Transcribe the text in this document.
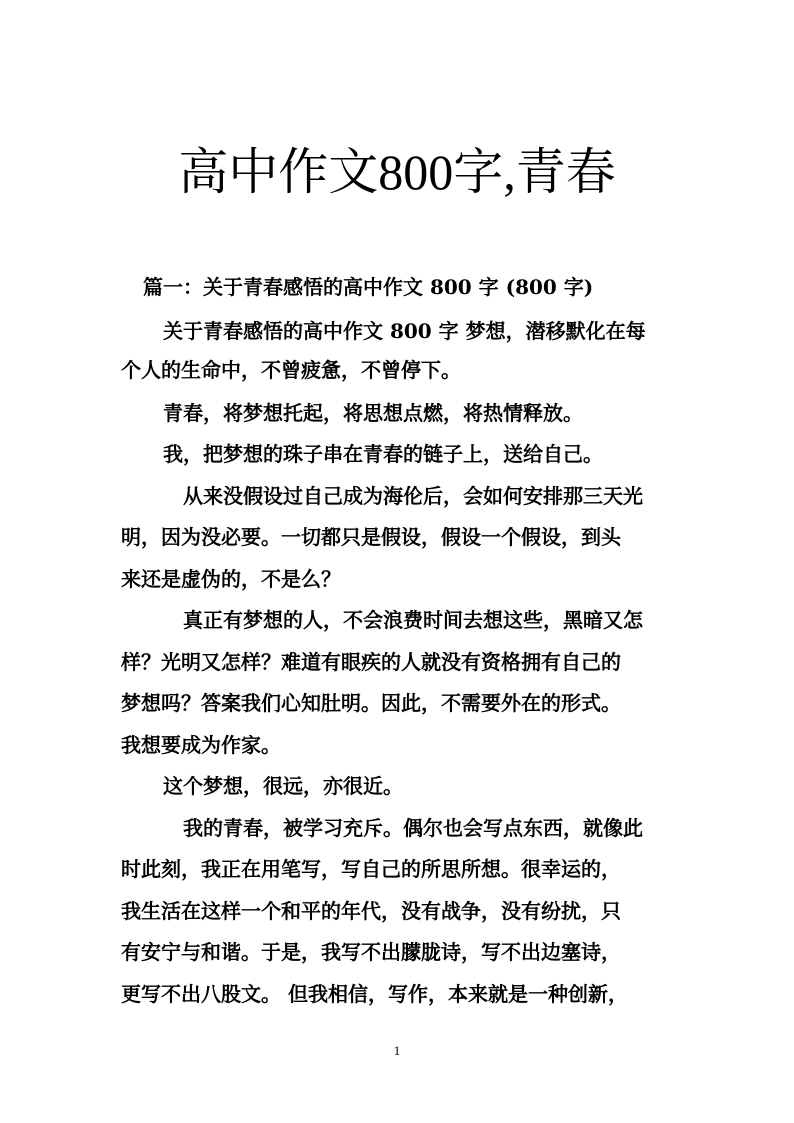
高中作文800字,青春

篇一：关于青春感悟的高中作文 800 字 (800 字)

关于青春感悟的高中作文 800 字 梦想，潜移默化在每

个人的生命中，不曾疲惫，不曾停下。

青春，将梦想托起，将思想点燃，将热情释放。

我，把梦想的珠子串在青春的链子上，送给自己。

从来没假设过自己成为海伦后，会如何安排那三天光

明，因为没必要。一切都只是假设，假设一个假设，到头

来还是虚伪的，不是么？

真正有梦想的人，不会浪费时间去想这些，黑暗又怎

样？光明又怎样？难道有眼疾的人就没有资格拥有自己的

梦想吗？答案我们心知肚明。因此，不需要外在的形式。

我想要成为作家。

这个梦想，很远，亦很近。

我的青春，被学习充斥。偶尔也会写点东西，就像此

时此刻，我正在用笔写，写自己的所思所想。很幸运的，

我生活在这样一个和平的年代，没有战争，没有纷扰，只

有安宁与和谐。于是，我写不出朦胧诗，写不出边塞诗，

更写不出八股文。 但我相信，写作，本来就是一种创新，

1
